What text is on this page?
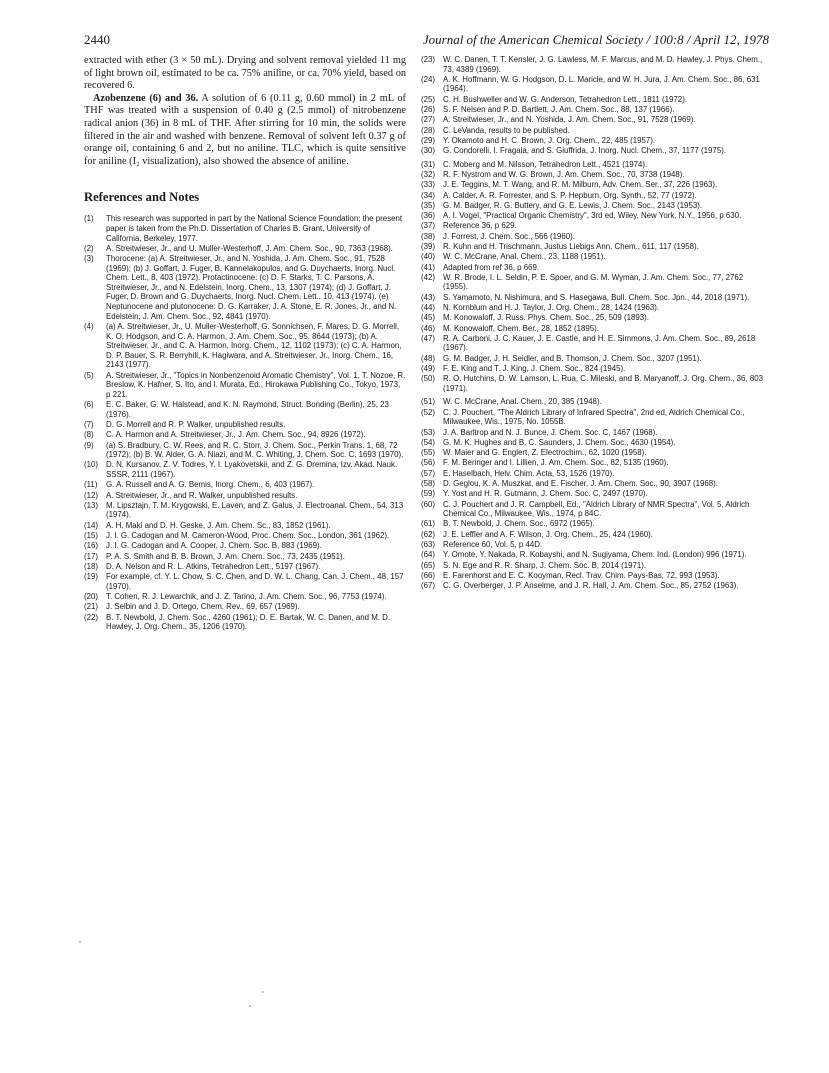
2440	Journal of the American Chemical Society / 100:8 / April 12, 1978

extracted with ether (3 × 50 mL). Drying and solvent removal yielded 11 mg of light brown oil, estimated to be ca. 75% aniline, or ca. 70% yield, based on recovered 6.

Azobenzene (6) and 36. A solution of 6 (0.11 g, 0.60 mmol) in 2 mL of THF was treated with a suspension of 0.40 g (2.5 mmol) of nitrobenzene radical anion (36) in 8 mL of THF. After stirring for 10 min, the solids were filtered in the air and washed with benzene. Removal of solvent left 0.37 g of orange oil, containing 6 and 2, but no aniline. TLC, which is quite sensitive for aniline (I₂ visualization), also showed the absence of aniline.

References and Notes
(1)	This research was supported in part by the National Science Foundation; the present paper is taken from the Ph.D. Dissertation of Charles B. Grant, University of California, Berkeley, 1977.
(2)	A. Streitwieser, Jr., and U. Muller-Westerhoff, J. Am. Chem. Soc., 90, 7363 (1968).
(3)	Thorocene: (a) A. Streitwieser, Jr., and N. Yoshida, J. Am. Chem. Soc., 91, 7528 (1969); (b) J. Goffart, J. Fuger, B. Kannelakopulos, and G. Duychaerts, Inorg. Nucl. Chem. Lett., 8, 403 (1972). Protactinocene: (c) D. F. Starks, T. C. Parsons, A. Streitwieser, Jr., and N. Edelstein, Inorg. Chem., 13, 1307 (1974); (d) J. Goffart, J. Fuger, D. Brown and G. Duychaerts, Inorg. Nucl. Chem. Lett., 10, 413 (1974). (e) Neptunocene and plutonocene: D. G. Karraker, J. A. Stone, E. R. Jones, Jr., and N. Edelstein, J. Am. Chem. Soc., 92, 4841 (1970).
(4)	(a) A. Streitwieser, Jr., U. Muller-Westerhoff, G. Sonnichsen, F. Mares, D. G. Morrell, K. O. Hodgson, and C. A. Harmon, J. Am. Chem. Soc., 95, 8644 (1973); (b) A. Streitwieser, Jr., and C. A. Harmon, Inorg. Chem., 12, 1102 (1973); (c) C. A. Harmon, D. P. Bauer, S. R. Berryhill, K. Hagiwara, and A. Streitwieser, Jr., Inorg. Chem., 16, 2143 (1977).
(5)	A. Streitwieser, Jr., "Topics in Nonbenzenoid Aromatic Chemistry", Vol. 1, T. Nozoe, R. Breslow, K. Hafner, S. Ito, and I. Murata, Ed., Hirokawa Publishing Co., Tokyo, 1973, p 221.
(6)	E. C. Baker, G. W. Halstead, and K. N. Raymond, Struct. Bonding (Berlin), 25, 23 (1976).
(7)	D. G. Morrell and R. P. Walker, unpublished results.
(8)	C. A. Harmon and A. Streitwieser, Jr., J. Am. Chem. Soc., 94, 8926 (1972).
(9)	(a) S. Bradbury, C. W. Rees, and R. C. Storr, J. Chem. Soc., Perkin Trans. 1, 68, 72 (1972); (b) B. W. Alder, G. A. Niazi, and M. C. Whiting, J. Chem. Soc. C, 1693 (1970).
(10)	D. N. Kursanov, Z. V. Todres, Y. I. Lyakovetskii, and Z. G. Dremina, Izv. Akad. Nauk. SSSR, 2111 (1967).
(11)	G. A. Russell and A. G. Bemis, Inorg. Chem., 6, 403 (1967).
(12)	A. Streitwieser, Jr., and R. Walker, unpublished results.
(13)	M. Lipsztajn, T. M. Krygowski, E. Laven, and Z. Galus, J. Electroanal. Chem., 54, 313 (1974).
(14)	A. H. Maki and D. H. Geske, J. Am. Chem. Sc., 83, 1852 (1961).
(15)	J. I. G. Cadogan and M. Cameron-Wood, Proc. Chem. Soc., London, 361 (1962).
(16)	J. I. G. Cadogan and A. Cooper, J. Chem. Soc. B, 883 (1969).
(17)	P. A. S. Smith and B. B. Brown, J. Am. Chem. Soc., 73, 2435 (1951).
(18)	D. A. Nelson and R. L. Atkins, Tetrahedron Lett., 5197 (1967).
(19)	For example, cf. Y. L. Chow, S. C. Chen, and D. W. L. Chang, Can. J. Chem., 48, 157 (1970).
(20)	T. Cohen, R. J. Lewarchik, and J. Z. Tarino, J. Am. Chem. Soc., 96, 7753 (1974).
(21)	J. Selbin and J. D. Ortego, Chem. Rev., 69, 657 (1969).
(22)	B. T. Newbold, J. Chem. Soc., 4260 (1961); D. E. Bartak, W. C. Danen, and M. D. Hawley, J. Org. Chem., 35, 1206 (1970).
(23)	W. C. Danen, T. T. Kensler, J. G. Lawless, M. F. Marcus, and M. D. Hawley, J. Phys. Chem., 73, 4389 (1969).
(24)	A. K. Hoffmann, W. G. Hodgson, D. L. Maricle, and W. H. Jura, J. Am. Chem. Soc., 86, 631 (1964).
(25)	C. H. Bushweller and W. G. Anderson, Tetrahedron Lett., 1811 (1972).
(26)	S. F. Nelsen and P. D. Bartlett, J. Am. Chem. Soc., 88, 137 (1966).
(27)	A. Streitwieser, Jr., and N. Yoshida, J. Am. Chem. Soc., 91, 7528 (1969).
(28)	C. LeVanda, results to be published.
(29)	Y. Okamoto and H. C. Brown, J. Org. Chem., 22, 485 (1957).
(30)	G. Condorelli, I. Fragala, and S. Giuffrida, J. Inorg. Nucl. Chem., 37, 1177 (1975).
(31)	C. Moberg and M. Nilsson, Tetrahedron Lett., 4521 (1974).
(32)	R. F. Nystrom and W. G. Brown, J. Am. Chem. Soc., 70, 3738 (1948).
(33)	J. E. Teggins, M. T. Wang, and R. M. Milburn, Adv. Chem. Ser., 37, 226 (1963).
(34)	A. Calder, A. R. Forrester, and S. P. Hepburn, Org. Synth., 52, 77 (1972).
(35)	G. M. Badger, R. G. Buttery, and G. E. Lewis, J. Chem. Soc., 2143 (1953).
(36)	A. I. Vogel, "Practical Organic Chemistry", 3rd ed, Wiley, New York, N.Y., 1956, p 630.
(37)	Reference 36, p 629.
(38)	J. Forrest, J. Chem. Soc., 566 (1960).
(39)	R. Kuhn and H. Trischmann, Justus Liebigs Ann. Chem., 611, 117 (1958).
(40)	W. C. McCrane, Anal. Chem., 23, 1188 (1951).
(41)	Adapted from ref 36, p 669.
(42)	W. R. Brode, I. L. Seldin, P. E. Spoer, and G. M. Wyman, J. Am. Chem. Soc., 77, 2762 (1955).
(43)	S. Yamamoto, N. Nishimura, and S. Hasegawa, Bull. Chem. Soc. Jpn., 44, 2018 (1971).
(44)	N. Kornblum and H. J. Taylor, J. Org. Chem., 28, 1424 (1963).
(45)	M. Konowaloff, J. Russ. Phys. Chem. Soc., 25, 509 (1893).
(46)	M. Konowaloff, Chem. Ber., 28, 1852 (1895).
(47)	R. A. Carboni, J. C. Kauer, J. E. Castle, and H. E. Simmons, J. Am. Chem. Soc., 89, 2618 (1967).
(48)	G. M. Badger, J. H. Seidler, and B. Thomson, J. Chem. Soc., 3207 (1951).
(49)	F. E. King and T. J. King, J. Chem. Soc., 824 (1945).
(50)	R. O. Hutchins, D. W. Lamson, L. Rua, C. Mileski, and B. Maryanoff, J. Org. Chem., 36, 803 (1971).
(51)	W. C. McCrane, Anal. Chem., 20, 385 (1948).
(52)	C. J. Pouchert, "The Aldrich Library of Infrared Spectra", 2nd ed, Aldrich Chemical Co., Milwaukee, Wis., 1975, No. 1055B.
(53)	J. A. Barltrop and N. J. Bunce, J. Chem. Soc. C, 1467 (1968).
(54)	G. M. K. Hughes and B. C. Saunders, J. Chem. Soc., 4630 (1954).
(55)	W. Maier and G. Englert, Z. Electrochim., 62, 1020 (1958).
(56)	F. M. Beringer and I. Lillien, J. Am. Chem. Soc., 82, 5135 (1960).
(57)	E. Haselbach, Helv. Chim. Acta, 53, 1526 (1970).
(58)	D. Geglou, K. A. Muszkat, and E. Fischer, J. Am. Chem. Soc., 90, 3907 (1968).
(59)	Y. Yost and H. R. Gutmann, J. Chem. Soc. C, 2497 (1970).
(60)	C. J. Pouchert and J. R. Campbell, Ed., "Aldrich Library of NMR Spectra", Vol. 5, Aldrich Chemical Co., Milwaukee, Wis., 1974, p 84C.
(61)	B. T. Newbold, J. Chem. Soc., 6972 (1965).
(62)	J. E. Leffler and A. F. Wilson, J. Org. Chem., 25, 424 (1960).
(63)	Reference 60, Vol. 5, p 44D.
(64)	Y. Omote, Y. Nakada, R. Kobayshi, and N. Sugiyama, Chem. Ind. (London) 996 (1971).
(65)	S. N. Ege and R. R. Sharp, J. Chem. Soc. B, 2014 (1971).
(66)	E. Farenhorst and E. C. Kooyman, Recl. Trav. Chim. Pays-Bas, 72, 993 (1953).
(67)	C. G. Overberger, J. P. Anselme, and J. R. Hall, J. Am. Chem. Soc., 85, 2752 (1963).
